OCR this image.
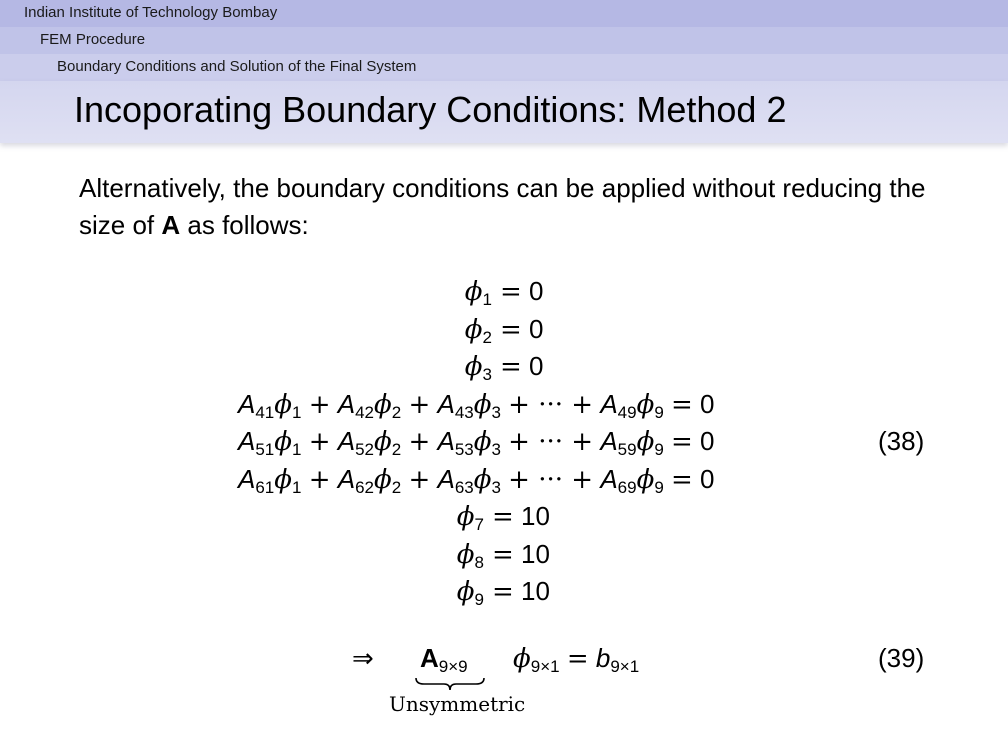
Indian Institute of Technology Bombay
FEM Procedure
Boundary Conditions and Solution of the Final System
Incoporating Boundary Conditions: Method 2
Alternatively, the boundary conditions can be applied without reducing the size of A as follows:
$\phi_1 = 0$
$\phi_2 = 0$
$\phi_3 = 0$
$A_{41}\phi_1 + A_{42}\phi_2 + A_{43}\phi_3$ + ··· + $A_{49}\phi_9 = 0$
$A_{51}\phi_1 + A_{52}\phi_2 + A_{53}\phi_3$ + ··· + $A_{59}\phi_9 = 0$
$A_{61}\phi_1 + A_{62}\phi_2 + A_{63}\phi_3$ + ··· + $A_{69}\phi_9 = 0$
$\phi_7 = 10$
$\phi_8 = 10$
$\phi_9 = 10$
(38)
⇒ $A_{9\times 9}$
Unsymmetric
$\phi_{9\times 1} = b_{9\times 1}$	(39)
